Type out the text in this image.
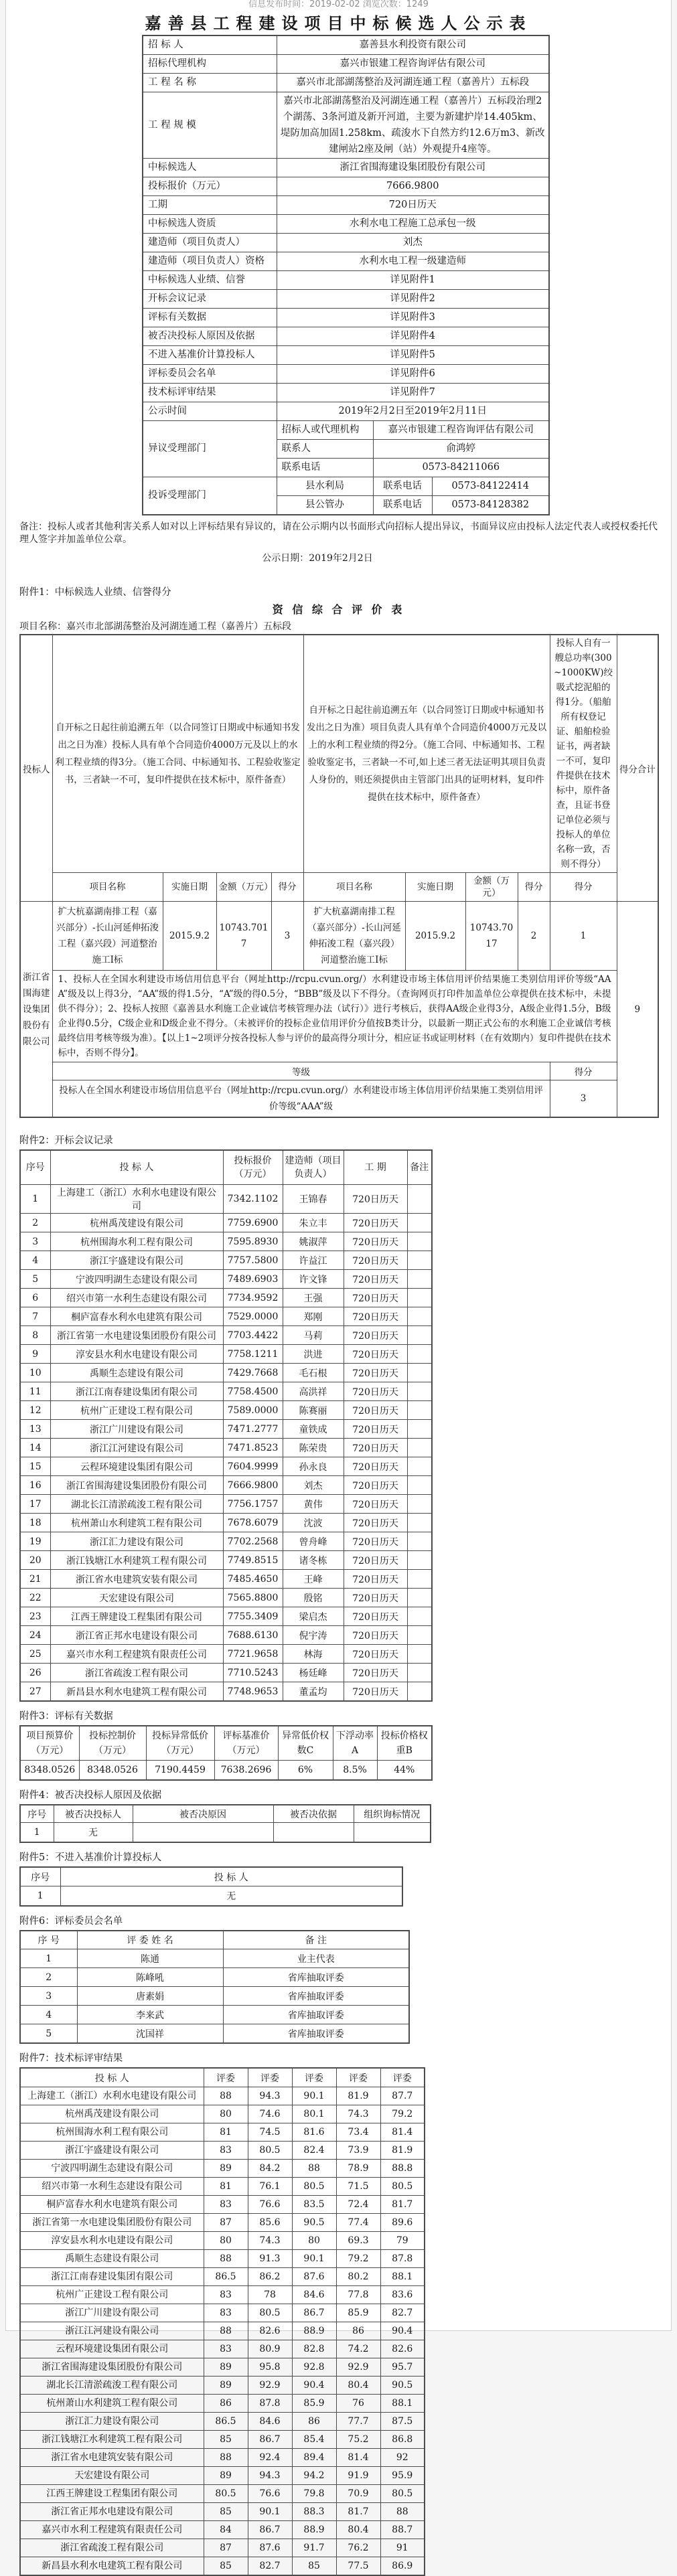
信息发布时间：2019-02-02 浏览次数：1249
嘉善县工程建设项目中标候选人公示表
招 标 人	嘉善县水利投资有限公司		
招标代理机构	嘉兴市银建工程咨询评估有限公司		
工 程 名 称	嘉兴市北部湖荡整治及河湖连通工程（嘉善片）五标段		
工 程 规 模	嘉兴市北部湖荡整治及河湖连通工程（嘉善片）五标段治理2个湖荡、3条河道及新开河道，主要为新建护岸14.405km、堤防加高加固1.258km、疏浚水下自然方约12.6万m3、新改建闸站2座及闸（站）外观提升4座等。		
中标候选人	浙江省围海建设集团股份有限公司		
投标报价（万元）	7666.9800		
工期	720日历天		
中标候选人资质	水利水电工程施工总承包一级		
建造师（项目负责人）	刘杰		
建造师（项目负责人）资格	水利水电工程一级建造师		
中标候选人业绩、信誉	详见附件1		
开标会议记录	详见附件2		
评标有关数据	详见附件3		
被否决投标人原因及依据	详见附件4		
不进入基准价计算投标人	详见附件5		
评标委员会名单	详见附件6		
技术标评审结果	详见附件7		
公示时间	2019年2月2日至2019年2月11日		
异议受理部门	招标人或代理机构	嘉兴市银建工程咨询评估有限公司	
	联系人	俞鸿婷	
	联系电话	0573-84211066	
投诉受理部门	县水利局	联系电话	0573-84122414
	县公管办	联系电话	0573-84128382

备注：投标人或者其他利害关系人如对以上评标结果有异议的，请在公示期内以书面形式向招标人提出异议，书面异议应由投标人法定代表人或授权委托代理人签字并加盖单位公章。

公示日期：2019年2月2日
附件1：中标候选人业绩、信誉得分
资 信 综 合 评 价 表
项目名称：嘉兴市北部湖荡整治及河湖连通工程（嘉善片）五标段
投标人	自开标之日起往前追溯五年（以合同签订日期或中标通知书发出之日为准）投标人具有单个合同造价4000万元及以上的水利工程业绩的得3分。（施工合同、中标通知书、工程验收鉴定书，三者缺一不可，复印件提供在技术标中，原件备查）				自开标之日起往前追溯五年（以合同签订日期或中标通知书发出之日为准）项目负责人具有单个合同造价4000万元及以上的水利工程业绩的得2分。（施工合同、中标通知书、工程验收鉴定书，三者缺一不可,如上述三者无法证明其项目负责人身份的，则还须提供由主管部门出具的证明材料，复印件提供在技术标中，原件备查）				投标人自有一艘总功率(300~1000KW)绞吸式挖泥船的得1分。（船舶所有权登记证、船舶检验证书，两者缺一不可，复印件提供在技术标中，原件备查，且证书登记单位必须与投标人的单位名称一致，否则不得分）	得分合计
	项目名称	实施日期	金额（万元）	得分	项目名称	实施日期	金额（万元）	得分	得分	
浙江省围海建设集团股份有限公司	扩大杭嘉湖南排工程（嘉兴部分）-长山河延伸拓浚工程（嘉兴段）河道整治施工I标	2015.9.2	10743.7017	3	扩大杭嘉湖南排工程（嘉兴部分）-长山河延伸拓浚工程（嘉兴段）河道整治施工I标	2015.9.2	10743.7017	2	1	9
	1、投标人在全国水利建设市场信用信息平台（网址http://rcpu.cvun.org/）水利建设市场主体信用评价结果施工类别信用评价等级“AAA”级及以上得3分，“AA”级的得1.5分，“A”级的得0.5分，“BBB”级及以下不得分。（查询网页打印件加盖单位公章提供在技术标中，未提供不得分）；2、投标人按照《嘉善县水利施工企业诚信考核管理办法（试行）》进行考核后，获得AA级企业得3分，A级企业得1.5分，B级企业得0.5分，C级企业和D级企业不得分。（未被评价的投标企业信用评价分值按B类计分，以最新一期正式公布的水利施工企业诚信考核最终信用考核等级为准）。【以上1~2项评分按各投标人参与评价的最高得分项计分，相应证书或证明材料（在有效期内）复印件提供在技术标中，否则不得分】。									
	等级								得分	
	投标人在全国水利建设市场信用信息平台（网址http://rcpu.cvun.org/）水利建设市场主体信用评价结果施工类别信用评价等级“AAA”级								3	
附件2：开标会议记录
序号	投 标 人	投标报价（万元）	建造师（项目负责人）	工 期	备注
1	上海建工（浙江）水利水电建设有限公司	7342.1102	王锦春	720日历天	
2	杭州禹茂建设有限公司	7759.6900	朱立丰	720日历天	
3	杭州围海水利工程有限公司	7595.8930	姚淑萍	720日历天	
4	浙江宇盛建设有限公司	7757.5800	许益江	720日历天	
5	宁波四明湖生态建设有限公司	7489.6903	许文锋	720日历天	
6	绍兴市第一水利生态建设有限公司	7734.9592	王强	720日历天	
7	桐庐富春水利水电建筑有限公司	7529.0000	郑刚	720日历天	
8	浙江省第一水电建设集团股份有限公司	7703.4422	马莉	720日历天	
9	淳安县水利水电建设有限公司	7758.1211	洪进	720日历天	
10	禹顺生态建设有限公司	7429.7668	毛石根	720日历天	
11	浙江江南春建设集团有限公司	7758.4500	高洪祥	720日历天	
12	杭州广正建设工程有限公司	7589.0000	陈赛丽	720日历天	
13	浙江广川建设有限公司	7471.2777	童铁成	720日历天	
14	浙江江河建设有限公司	7471.8523	陈荣贵	720日历天	
15	云程环境建设集团有限公司	7604.9999	孙永良	720日历天	
16	浙江省围海建设集团股份有限公司	7666.9800	刘杰	720日历天	
17	湖北长江清淤疏浚工程有限公司	7756.1757	黄伟	720日历天	
18	杭州萧山水利建筑工程有限公司	7678.6079	沈波	720日历天	
19	浙江汇力建设有限公司	7702.2568	曾舟峰	720日历天	
20	浙江钱塘江水利建筑工程有限公司	7749.8515	诸冬栋	720日历天	
21	浙江省水电建筑安装有限公司	7485.4650	王峰	720日历天	
22	天宏建设有限公司	7565.8800	殷铭	720日历天	
23	江西王牌建设工程集团有限公司	7755.3409	梁启杰	720日历天	
24	浙江省正邦水电建设有限公司	7688.6130	倪宇涛	720日历天	
25	嘉兴市水利工程建筑有限责任公司	7721.9658	林海	720日历天	
26	浙江省疏浚工程有限公司	7710.5243	杨廷峰	720日历天	
27	新昌县水利水电建筑工程有限公司	7748.9653	董孟均	720日历天	
附件3：评标有关数据
项目预算价（万元）	投标控制价（万元）	投标异常低价（万元）	评标基准价（万元）	异常低价权数C	下浮动率A	投标价格权重B
8348.0526	8348.0526	7190.4459	7638.2696	6%	8.5%	44%
附件4：被否决投标人原因及依据
序号	被否决投标人	被否决原因	被否决依据	组织询标情况
1	无			
附件5：不进入基准价计算投标人
序号	投 标 人
1	无
附件6：评标委员会名单
序 号	评 委 姓 名	备 注
1	陈通	业主代表
2	陈峰吼	省库抽取评委
3	唐素娟	省库抽取评委
4	李来武	省库抽取评委
5	沈国祥	省库抽取评委
附件7：技术标评审结果
投 标 人	评委	评委	评委	评委	评委
上海建工（浙江）水利水电建设有限公司	88	94.3	90.1	81.9	87.7
杭州禹茂建设有限公司	80	74.6	80.1	74.3	79.2
杭州围海水利工程有限公司	81	74.5	81.6	73.4	81.4
浙江宇盛建设有限公司	83	80.5	82.4	73.9	81.9
宁波四明湖生态建设有限公司	89	84.2	88	78.9	88.8
绍兴市第一水利生态建设有限公司	81	76.1	80.5	71.5	80.5
桐庐富春水利水电建筑有限公司	83	76.6	83.5	72.4	81.7
浙江省第一水电建设集团股份有限公司	87	85.6	90.5	77.4	89.6
淳安县水利水电建设有限公司	80	74.3	80	69.3	79
禹顺生态建设有限公司	88	91.3	90.1	79.2	87.8
浙江江南春建设集团有限公司	86.5	86.2	87.6	80.2	88.1
杭州广正建设工程有限公司	83	78	84.6	77.8	83.6
浙江广川建设有限公司	83	80.5	86.7	85.9	82.7
浙江江河建设有限公司	88	82.6	88.9	86	90.4
云程环境建设集团有限公司	83	80.9	82.8	74.2	82.6
浙江省围海建设集团股份有限公司	89	95.8	92.8	92.9	95.7
湖北长江清淤疏浚工程有限公司	89	92.9	90.4	80.4	90.5
杭州萧山水利建筑工程有限公司	86	87.8	85.9	76	88.1
浙江汇力建设有限公司	86.5	84.6	86	77.7	87.5
浙江钱塘江水利建筑工程有限公司	85	86.7	85.4	75.2	86.8
浙江省水电建筑安装有限公司	88	92.4	89.4	81.4	92
天宏建设有限公司	89	94.3	94.2	91.9	95.9
江西王牌建设工程集团有限公司	80.5	76.6	79.8	70.9	80.5
浙江省正邦水电建设有限公司	85	90.1	88.3	81.7	88
嘉兴市水利工程建筑有限责任公司	84	86.7	88.9	80.4	88.7
浙江省疏浚工程有限公司	87	87.6	91.7	76.2	91
新昌县水利水电建筑工程有限公司	85	82.7	85	77.5	86.9
